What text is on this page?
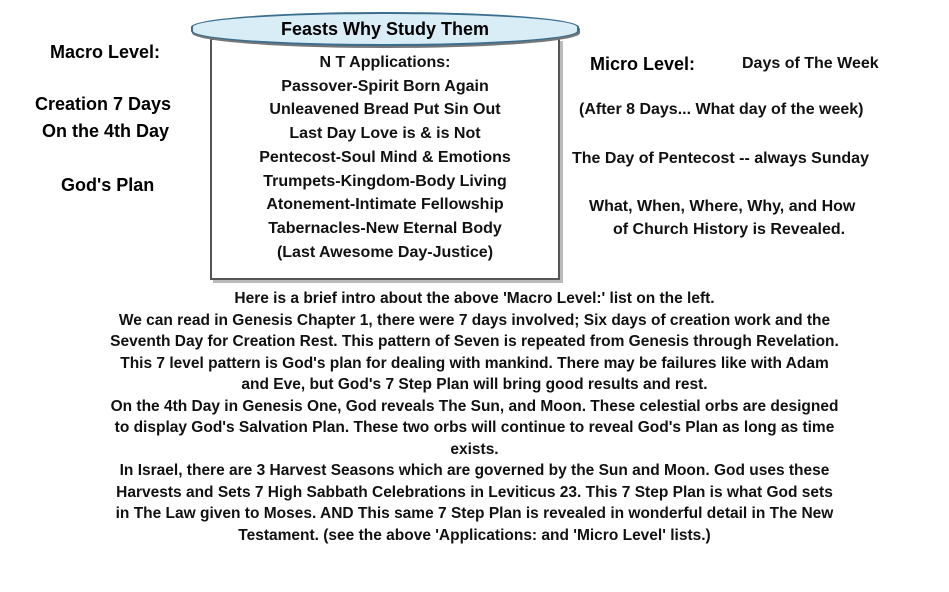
Macro Level:
Creation 7 Days
On the 4th Day
God's Plan
Feasts Why Study Them
N T Applications:
Passover-Spirit Born Again
Unleavened Bread Put Sin Out
Last Day Love is & is Not
Pentecost-Soul Mind & Emotions
Trumpets-Kingdom-Body Living
Atonement-Intimate Fellowship
Tabernacles-New Eternal Body
(Last Awesome Day-Justice)
Micro Level:	Days of The Week
(After 8 Days... What day of the week)
The Day of Pentecost -- always Sunday
What, When, Where, Why, and How
of Church History is Revealed.
Here is a brief intro about the above 'Macro Level:' list on the left.
We can read in Genesis Chapter 1, there were 7 days involved; Six days of creation work and the
Seventh Day for Creation Rest. This pattern of Seven is repeated from Genesis through Revelation.
This 7 level pattern is God's plan for dealing with mankind. There may be failures like with Adam
and Eve, but God's 7 Step Plan will bring good results and rest.
On the 4th Day in Genesis One, God reveals The Sun, and Moon. These celestial orbs are designed
to display God's Salvation Plan. These two orbs will continue to reveal God's Plan as long as time
exists.
In Israel, there are 3 Harvest Seasons which are governed by the Sun and Moon. God uses these
Harvests and Sets 7 High Sabbath Celebrations in Leviticus 23. This 7 Step Plan is what God sets
in The Law given to Moses. AND This same 7 Step Plan is revealed in wonderful detail in The New
Testament. (see the above 'Applications: and 'Micro Level' lists.)
